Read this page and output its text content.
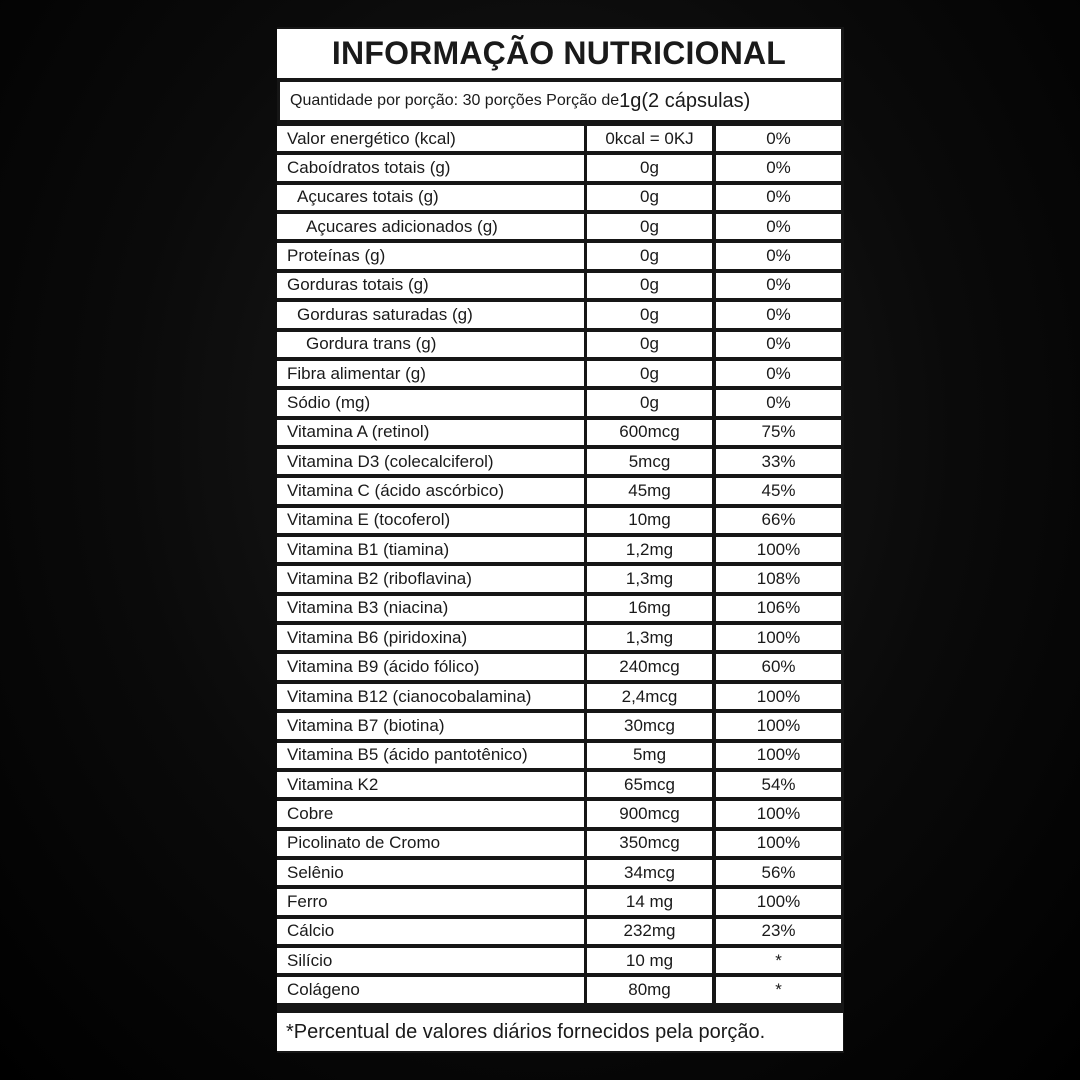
INFORMAÇÃO NUTRICIONAL
Quantidade por porção: 30 porções Porção de 1g (2 cápsulas)
Valor energético (kcal)	0kcal = 0KJ	0%
Caboídratos totais (g)	0g	0%
Açucares totais (g)	0g	0%
Açucares adicionados (g)	0g	0%
Proteínas (g)	0g	0%
Gorduras totais (g)	0g	0%
Gorduras saturadas (g)	0g	0%
Gordura trans (g)	0g	0%
Fibra alimentar (g)	0g	0%
Sódio (mg)	0g	0%
Vitamina A (retinol)	600mcg	75%
Vitamina D3 (colecalciferol)	5mcg	33%
Vitamina C (ácido ascórbico)	45mg	45%
Vitamina E (tocoferol)	10mg	66%
Vitamina B1 (tiamina)	1,2mg	100%
Vitamina B2 (riboflavina)	1,3mg	108%
Vitamina B3 (niacina)	16mg	106%
Vitamina B6 (piridoxina)	1,3mg	100%
Vitamina B9 (ácido fólico)	240mcg	60%
Vitamina B12 (cianocobalamina)	2,4mcg	100%
Vitamina B7 (biotina)	30mcg	100%
Vitamina B5 (ácido pantotênico)	5mg	100%
Vitamina K2	65mcg	54%
Cobre	900mcg	100%
Picolinato de Cromo	350mcg	100%
Selênio	34mcg	56%
Ferro	14 mg	100%
Cálcio	232mg	23%
Silício	10 mg	*
Colágeno	80mg	*
*Percentual de valores diários fornecidos pela porção.
